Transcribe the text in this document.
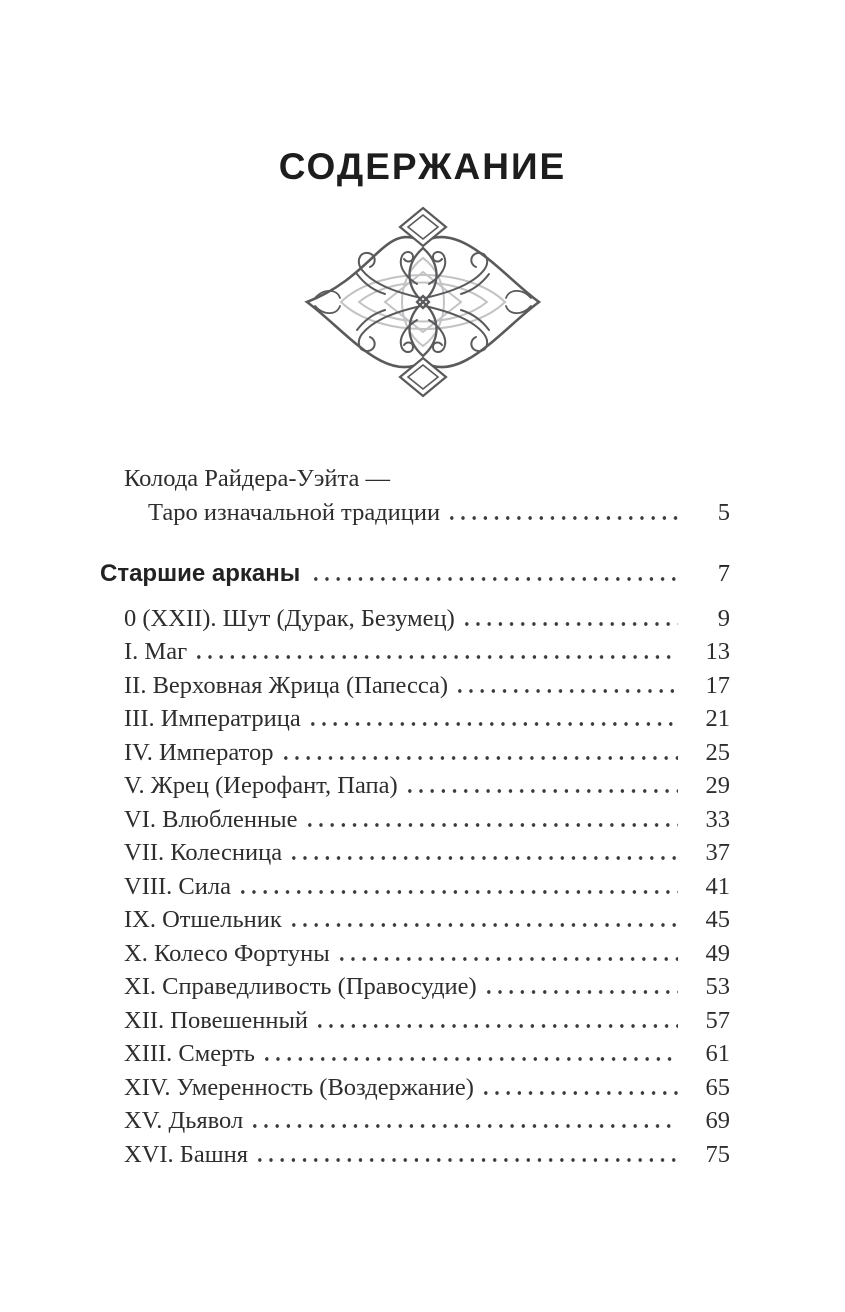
СОДЕРЖАНИЕ
Колода Райдера-Уэйта —
Таро изначальной традиции	5
Старшие арканы	7
0 (XXII). Шут (Дурак, Безумец)	9
I. Маг	13
II. Верховная Жрица (Папесса)	17
III. Императрица	21
IV. Император	25
V. Жрец (Иерофант, Папа)	29
VI. Влюбленные	33
VII. Колесница	37
VIII. Сила	41
IX. Отшельник	45
X. Колесо Фортуны	49
XI. Справедливость (Правосудие)	53
XII. Повешенный	57
XIII. Смерть	61
XIV. Умеренность (Воздержание)	65
XV. Дьявол	69
XVI. Башня	75
